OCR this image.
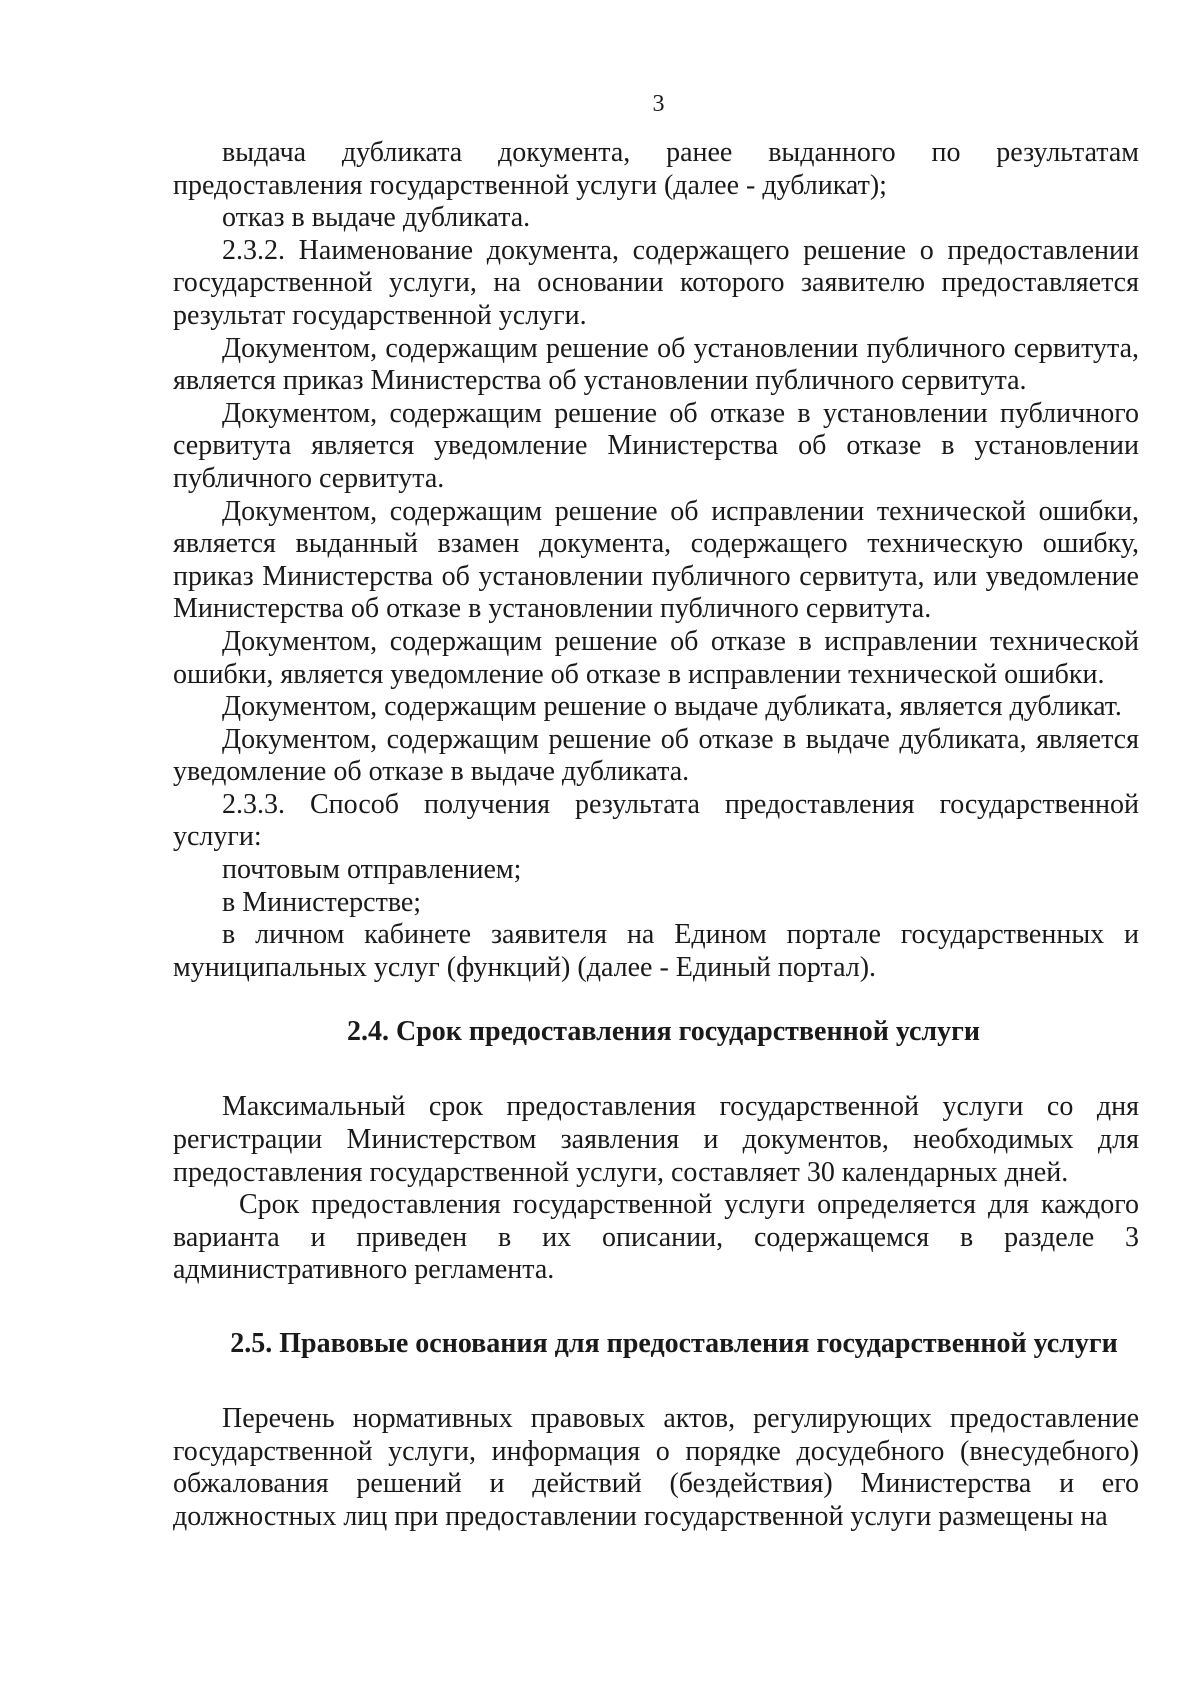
3

выдача дубликата документа, ранее выданного по результатам предоставления государственной услуги (далее - дубликат);

отказ в выдаче дубликата.

2.3.2. Наименование документа, содержащего решение о предоставлении государственной услуги, на основании которого заявителю предоставляется результат государственной услуги.

Документом, содержащим решение об установлении публичного сервитута, является приказ Министерства об установлении публичного сервитута.

Документом, содержащим решение об отказе в установлении публичного сервитута является уведомление Министерства об отказе в установлении публичного сервитута.

Документом, содержащим решение об исправлении технической ошибки, является выданный взамен документа, содержащего техническую ошибку, приказ Министерства об установлении публичного сервитута, или уведомление Министерства об отказе в установлении публичного сервитута.

Документом, содержащим решение об отказе в исправлении технической ошибки, является уведомление об отказе в исправлении технической ошибки.

Документом, содержащим решение о выдаче дубликата, является дубликат.

Документом, содержащим решение об отказе в выдаче дубликата, является уведомление об отказе в выдаче дубликата.

2.3.3. Способ получения результата предоставления государственной услуги:

почтовым отправлением;

в Министерстве;

в личном кабинете заявителя на Едином портале государственных и муниципальных услуг (функций) (далее - Единый портал).

2.4. Срок предоставления государственной услуги

Максимальный срок предоставления государственной услуги со дня регистрации Министерством заявления и документов, необходимых для предоставления государственной услуги, составляет 30 календарных дней.

Срок предоставления государственной услуги определяется для каждого варианта и приведен в их описании, содержащемся в разделе 3 административного регламента.

2.5. Правовые основания для предоставления государственной услуги

Перечень нормативных правовых актов, регулирующих предоставление государственной услуги, информация о порядке досудебного (внесудебного) обжалования решений и действий (бездействия) Министерства и его должностных лиц при предоставлении государственной услуги размещены на
